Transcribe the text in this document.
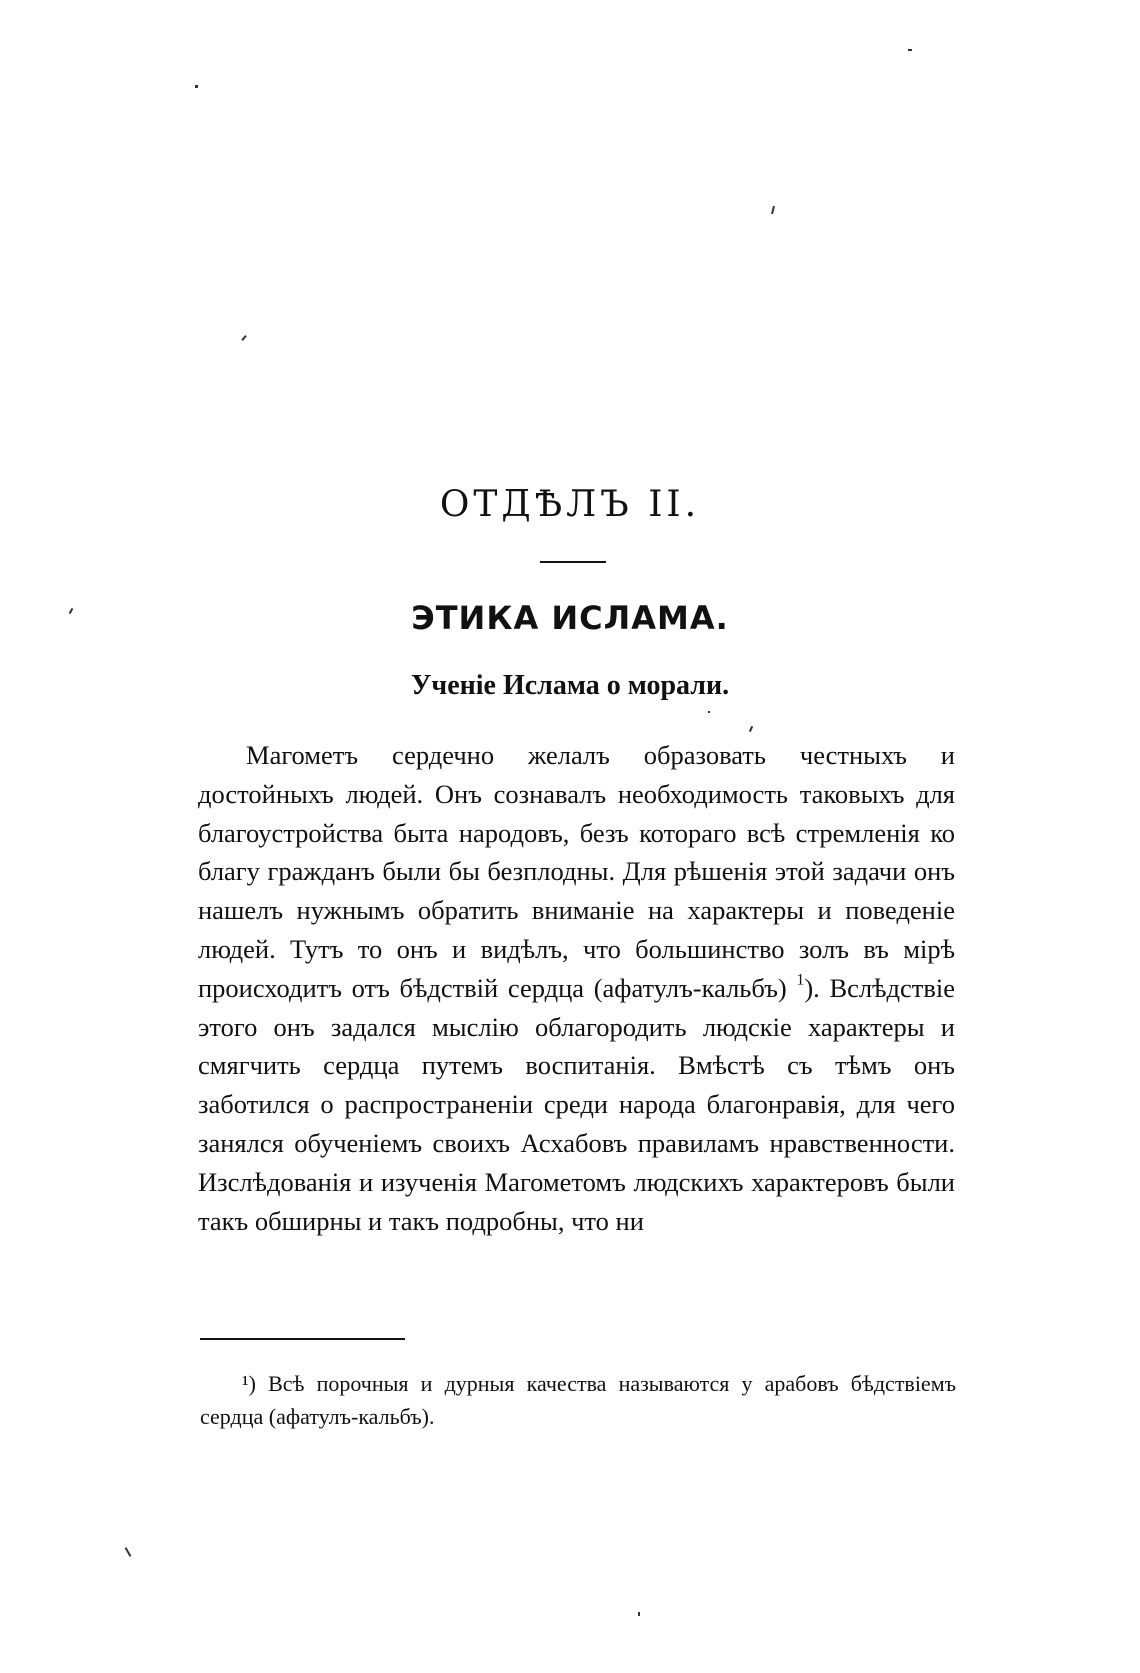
ОТДѢЛЪ II.
ЭТИКА ИСЛАМА.
Ученіе Ислама о морали.

Магометъ сердечно желалъ образовать честныхъ и достойныхъ людей. Онъ сознавалъ необходимость таковыхъ для благоустройства быта народовъ, безъ котораго всѣ стремленія ко благу гражданъ были бы безплодны. Для рѣшенія этой задачи онъ нашелъ нужнымъ обратить вниманіе на характеры и поведеніе людей. Тутъ то онъ и видѣлъ, что большинство золъ въ мірѣ происходитъ отъ бѣдствій сердца (афатулъ-кальбъ) $^1$). Вслѣдствіе этого онъ задался мыслію облагородить людскіе характеры и смягчить сердца путемъ воспитанія. Вмѣстѣ съ тѣмъ онъ заботился о распространеніи среди народа благонравія, для чего занялся обученіемъ своихъ Асхабовъ правиламъ нравственности. Изслѣдованія и изученія Магометомъ людскихъ характеровъ были такъ обширны и такъ подробны, что ни

¹) Всѣ порочныя и дурныя качества называются у арабовъ бѣдствіемъ сердца (афатулъ-кальбъ).
